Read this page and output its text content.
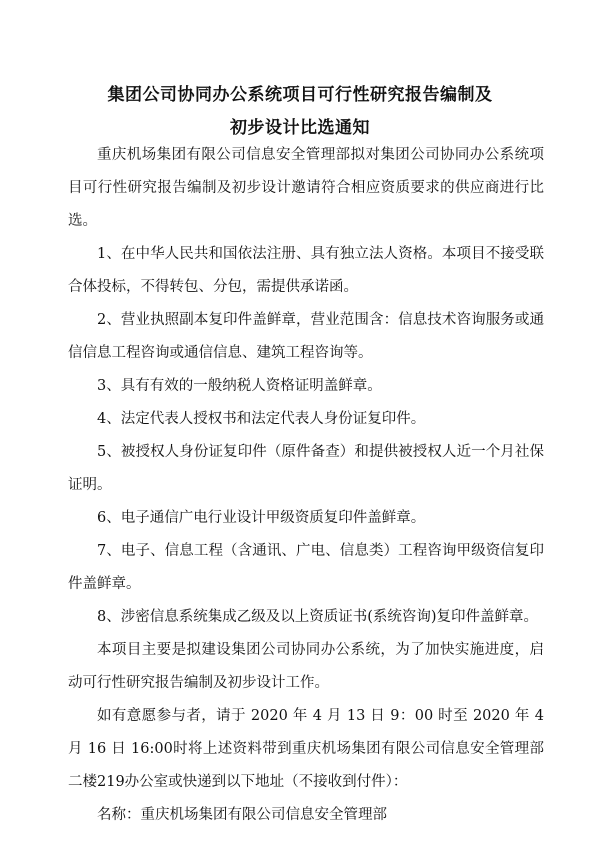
集团公司协同办公系统项目可行性研究报告编制及
初步设计比选通知

重庆机场集团有限公司信息安全管理部拟对集团公司协同办公系统项目可行性研究报告编制及初步设计邀请符合相应资质要求的供应商进行比选。

1、在中华人民共和国依法注册、具有独立法人资格。本项目不接受联合体投标，不得转包、分包，需提供承诺函。

2、营业执照副本复印件盖鲜章，营业范围含：信息技术咨询服务或通信信息工程咨询或通信信息、建筑工程咨询等。

3、具有有效的一般纳税人资格证明盖鲜章。

4、法定代表人授权书和法定代表人身份证复印件。

5、被授权人身份证复印件（原件备查）和提供被授权人近一个月社保证明。

6、电子通信广电行业设计甲级资质复印件盖鲜章。

7、电子、信息工程（含通讯、广电、信息类）工程咨询甲级资信复印件盖鲜章。

8、涉密信息系统集成乙级及以上资质证书(系统咨询)复印件盖鲜章。

本项目主要是拟建设集团公司协同办公系统，为了加快实施进度，启动可行性研究报告编制及初步设计工作。

如有意愿参与者，请于 2020 年 4 月 13 日 9：00 时至 2020 年 4 月 16 日 16:00时将上述资料带到重庆机场集团有限公司信息安全管理部二楼219办公室或快递到以下地址（不接收到付件）：

名称：重庆机场集团有限公司信息安全管理部
